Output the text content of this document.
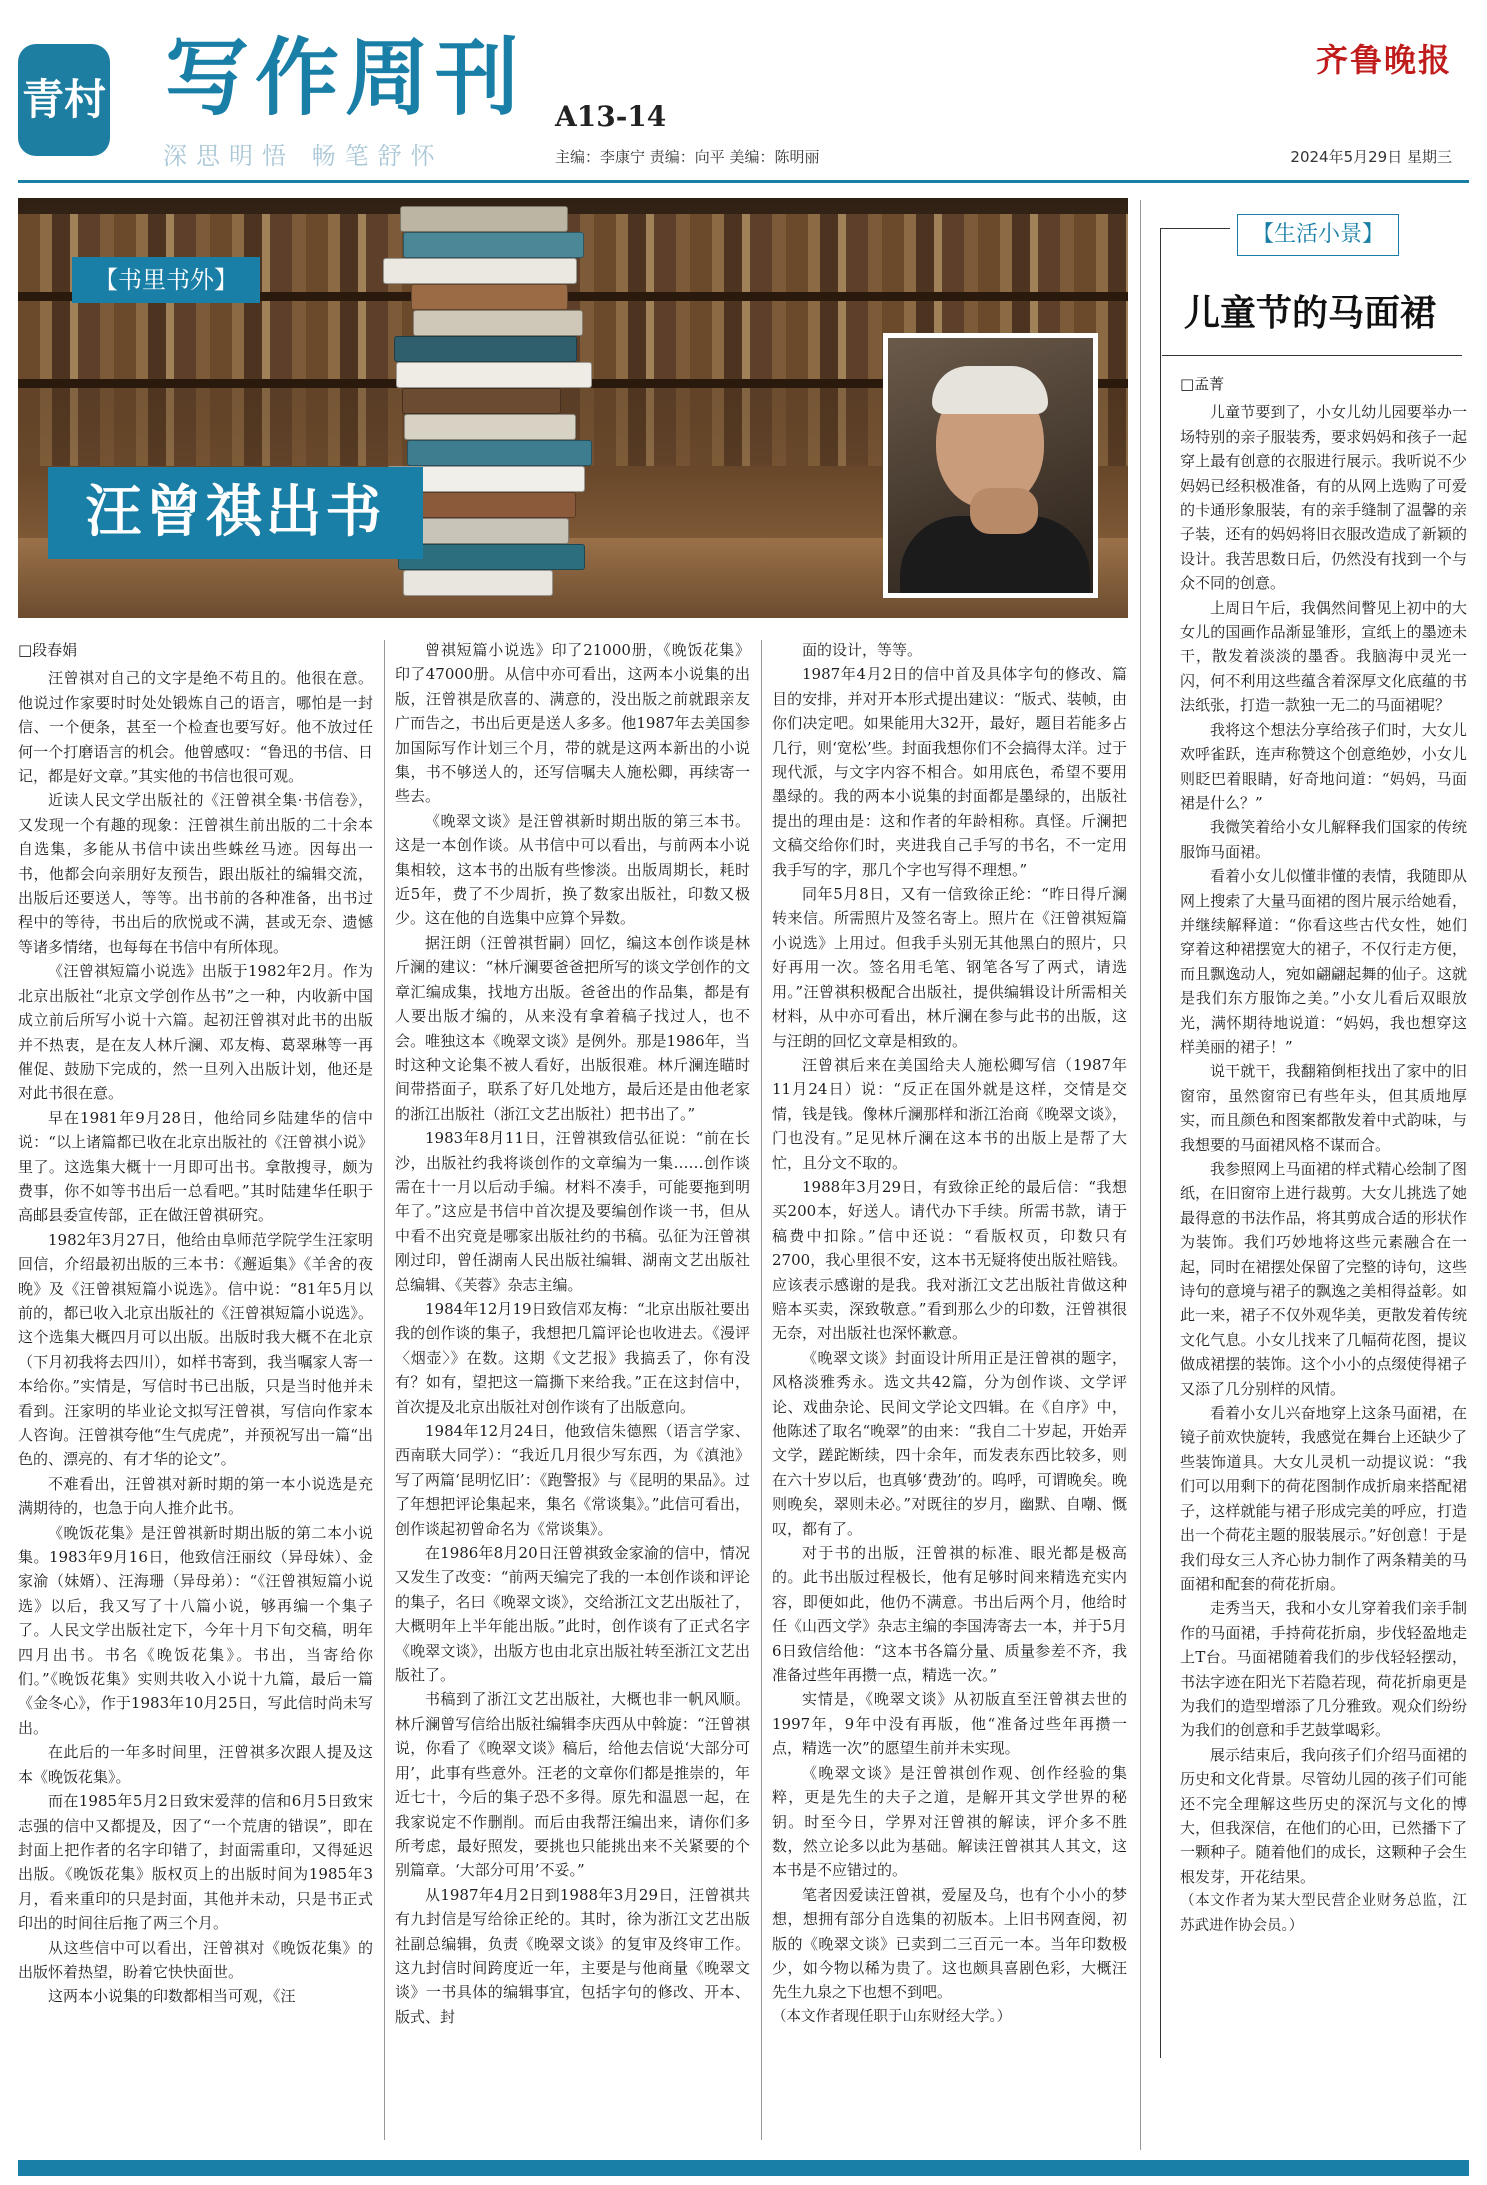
青村 写作周刊 A13-14
深思明悟 畅笔舒怀	主编：李康宁 责编：向平 美编：陈明丽
齐鲁晚报
2024年5月29日 星期三
【书里书外】
汪曾祺出书

□段春娟

汪曾祺对自己的文字是绝不苟且的。他很在意。他说过作家要时时处处锻炼自己的语言，哪怕是一封信、一个便条，甚至一个检查也要写好。他不放过任何一个打磨语言的机会。他曾感叹：“鲁迅的书信、日记，都是好文章。”其实他的书信也很可观。

近读人民文学出版社的《汪曾祺全集·书信卷》，又发现一个有趣的现象：汪曾祺生前出版的二十余本自选集，多能从书信中读出些蛛丝马迹。因每出一书，他都会向亲朋好友预告，跟出版社的编辑交流，出版后还要送人，等等。出书前的各种准备，出书过程中的等待，书出后的欣悦或不满，甚或无奈、遗憾等诸多情绪，也每每在书信中有所体现。

《汪曾祺短篇小说选》出版于1982年2月。作为北京出版社“北京文学创作丛书”之一种，内收新中国成立前后所写小说十六篇。起初汪曾祺对此书的出版并不热衷，是在友人林斤澜、邓友梅、葛翠琳等一再催促、鼓励下完成的，然一旦列入出版计划，他还是对此书很在意。

早在1981年9月28日，他给同乡陆建华的信中说：“以上诸篇都已收在北京出版社的《汪曾祺小说》里了。这选集大概十一月即可出书。拿散搜寻，颇为费事，你不如等书出后一总看吧。”其时陆建华任职于高邮县委宣传部，正在做汪曾祺研究。

1982年3月27日，他给由阜师范学院学生汪家明回信，介绍最初出版的三本书：《邂逅集》《羊舍的夜晚》及《汪曾祺短篇小说选》。信中说：“81年5月以前的，都已收入北京出版社的《汪曾祺短篇小说选》。这个选集大概四月可以出版。出版时我大概不在北京（下月初我将去四川），如样书寄到，我当嘱家人寄一本给你。”实情是，写信时书已出版，只是当时他并未看到。汪家明的毕业论文拟写汪曾祺，写信向作家本人咨询。汪曾祺夸他“生气虎虎”，并预祝写出一篇“出色的、漂亮的、有才华的论文”。

不难看出，汪曾祺对新时期的第一本小说选是充满期待的，也急于向人推介此书。

《晚饭花集》是汪曾祺新时期出版的第二本小说集。1983年9月16日，他致信汪丽纹（异母妹）、金家渝（妹婿）、汪海珊（异母弟）：“《汪曾祺短篇小说选》以后，我又写了十八篇小说，够再编一个集子了。人民文学出版社定下，今年十月下旬交稿，明年四月出书。书名《晚饭花集》。书出，当寄给你们。”《晚饭花集》实则共收入小说十九篇，最后一篇《金冬心》，作于1983年10月25日，写此信时尚未写出。

在此后的一年多时间里，汪曾祺多次跟人提及这本《晚饭花集》。

而在1985年5月2日致宋爱萍的信和6月5日致宋志强的信中又都提及，因了“一个荒唐的错误”，即在封面上把作者的名字印错了，封面需重印，又得延迟出版。《晚饭花集》版权页上的出版时间为1985年3月，看来重印的只是封面，其他并未动，只是书正式印出的时间往后拖了两三个月。

从这些信中可以看出，汪曾祺对《晚饭花集》的出版怀着热望，盼着它快快面世。

这两本小说集的印数都相当可观，《汪

曾祺短篇小说选》印了21000册，《晚饭花集》印了47000册。从信中亦可看出，这两本小说集的出版，汪曾祺是欣喜的、满意的，没出版之前就跟亲友广而告之，书出后更是送人多多。他1987年去美国参加国际写作计划三个月，带的就是这两本新出的小说集，书不够送人的，还写信嘱夫人施松卿，再续寄一些去。

《晚翠文谈》是汪曾祺新时期出版的第三本书。这是一本创作谈。从书信中可以看出，与前两本小说集相较，这本书的出版有些惨淡。出版周期长，耗时近5年，费了不少周折，换了数家出版社，印数又极少。这在他的自选集中应算个异数。

据汪朗（汪曾祺哲嗣）回忆，编这本创作谈是林斤澜的建议：“林斤澜要爸爸把所写的谈文学创作的文章汇编成集，找地方出版。爸爸出的作品集，都是有人要出版才编的，从来没有拿着稿子找过人，也不会。唯独这本《晚翠文谈》是例外。那是1986年，当时这种文论集不被人看好，出版很难。林斤澜连瞄时间带搭面子，联系了好几处地方，最后还是由他老家的浙江出版社（浙江文艺出版社）把书出了。”

1983年8月11日，汪曾祺致信弘征说：“前在长沙，出版社约我将谈创作的文章编为一集……创作谈需在十一月以后动手编。材料不凑手，可能要拖到明年了。”这应是书信中首次提及要编创作谈一书，但从中看不出究竟是哪家出版社约的书稿。弘征为汪曾祺刚过印，曾任湖南人民出版社编辑、湖南文艺出版社总编辑、《芙蓉》杂志主编。

1984年12月19日致信邓友梅：“北京出版社要出我的创作谈的集子，我想把几篇评论也收进去。《漫评〈烟壶〉》在数。这期《文艺报》我搞丢了，你有没有？如有，望把这一篇撕下来给我。”正在这封信中，首次提及北京出版社对创作谈有了出版意向。

1984年12月24日，他致信朱德熙（语言学家、西南联大同学）：“我近几月很少写东西，为《滇池》写了两篇‘昆明忆旧’：《跑警报》与《昆明的果品》。过了年想把评论集起来，集名《常谈集》。”此信可看出，创作谈起初曾命名为《常谈集》。

在1986年8月20日汪曾祺致金家渝的信中，情况又发生了改变：“前两天编完了我的一本创作谈和评论的集子，名曰《晚翠文谈》，交给浙江文艺出版社了，大概明年上半年能出版。”此时，创作谈有了正式名字《晚翠文谈》，出版方也由北京出版社转至浙江文艺出版社了。

书稿到了浙江文艺出版社，大概也非一帆风顺。林斤澜曾写信给出版社编辑李庆西从中斡旋：“汪曾祺说，你看了《晚翠文谈》稿后，给他去信说‘大部分可用’，此事有些意外。汪老的文章你们都是推崇的，年近七十，今后的集子恐不多得。原先和温恩一起，在我家说定不作删削。而后由我帮汪编出来，请你们多所考虑，最好照发，要挑也只能挑出来不关紧要的个别篇章。‘大部分可用’不妥。”

从1987年4月2日到1988年3月29日，汪曾祺共有九封信是写给徐正纶的。其时，徐为浙江文艺出版社副总编辑，负责《晚翠文谈》的复审及终审工作。这九封信时间跨度近一年，主要是与他商量《晚翠文谈》一书具体的编辑事宜，包括字句的修改、开本、版式、封

面的设计，等等。

1987年4月2日的信中首及具体字句的修改、篇目的安排，并对开本形式提出建议：“版式、装帧，由你们决定吧。如果能用大32开，最好，题目若能多占几行，则‘宽松’些。封面我想你们不会搞得太洋。过于现代派，与文字内容不相合。如用底色，希望不要用墨绿的。我的两本小说集的封面都是墨绿的，出版社提出的理由是：这和作者的年龄相称。真怪。斤澜把文稿交给你们时，夹进我自己手写的书名，不一定用我手写的字，那几个字也写得不理想。”

同年5月8日，又有一信致徐正纶：“昨日得斤澜转来信。所需照片及签名寄上。照片在《汪曾祺短篇小说选》上用过。但我手头别无其他黑白的照片，只好再用一次。签名用毛笔、钢笔各写了两式，请选用。”汪曾祺积极配合出版社，提供编辑设计所需相关材料，从中亦可看出，林斤澜在参与此书的出版，这与汪朗的回忆文章是相致的。

汪曾祺后来在美国给夫人施松卿写信（1987年11月24日）说：“反正在国外就是这样，交情是交情，钱是钱。像林斤澜那样和浙江治商《晚翠文谈》，门也没有。”足见林斤澜在这本书的出版上是帮了大忙，且分文不取的。

1988年3月29日，有致徐正纶的最后信：“我想买200本，好送人。请代办下手续。所需书款，请于稿费中扣除。”信中还说：“看版权页，印数只有2700，我心里很不安，这本书无疑将使出版社赔钱。应该表示感谢的是我。我对浙江文艺出版社肯做这种赔本买卖，深致敬意。”看到那么少的印数，汪曾祺很无奈，对出版社也深怀歉意。

《晚翠文谈》封面设计所用正是汪曾祺的题字，风格淡雅秀永。选文共42篇，分为创作谈、文学评论、戏曲杂论、民间文学论文四辑。在《自序》中，他陈述了取名“晚翠”的由来：“我自二十岁起，开始弄文学，蹉跎断续，四十余年，而发表东西比较多，则在六十岁以后，也真够‘费劲’的。呜呼，可谓晚矣。晚则晚矣，翠则未必。”对既往的岁月，幽默、自嘲、慨叹，都有了。

对于书的出版，汪曾祺的标准、眼光都是极高的。此书出版过程极长，他有足够时间来精选充实内容，即便如此，他仍不满意。书出后两个月，他给时任《山西文学》杂志主编的李国涛寄去一本，并于5月6日致信给他：“这本书各篇分量、质量参差不齐，我准备过些年再攒一点，精选一次。”

实情是，《晚翠文谈》从初版直至汪曾祺去世的1997年，9年中没有再版，他“准备过些年再攒一点，精选一次”的愿望生前并未实现。

《晚翠文谈》是汪曾祺创作观、创作经验的集粹，更是先生的夫子之道，是解开其文学世界的秘钥。时至今日，学界对汪曾祺的解读，评介多不胜数，然立论多以此为基础。解读汪曾祺其人其文，这本书是不应错过的。

笔者因爱读汪曾祺，爱屋及乌，也有个小小的梦想，想拥有部分自选集的初版本。上旧书网查阅，初版的《晚翠文谈》已卖到二三百元一本。当年印数极少，如今物以稀为贵了。这也颇具喜剧色彩，大概汪先生九泉之下也想不到吧。

（本文作者现任职于山东财经大学。）

【生活小景】
儿童节的马面裙

□孟菁

儿童节要到了，小女儿幼儿园要举办一场特别的亲子服装秀，要求妈妈和孩子一起穿上最有创意的衣服进行展示。我听说不少妈妈已经积极准备，有的从网上选购了可爱的卡通形象服装，有的亲手缝制了温馨的亲子装，还有的妈妈将旧衣服改造成了新颖的设计。我苦思数日后，仍然没有找到一个与众不同的创意。

上周日午后，我偶然间瞥见上初中的大女儿的国画作品渐显雏形，宣纸上的墨迹未干，散发着淡淡的墨香。我脑海中灵光一闪，何不利用这些蕴含着深厚文化底蕴的书法纸张，打造一款独一无二的马面裙呢？

我将这个想法分享给孩子们时，大女儿欢呼雀跃，连声称赞这个创意绝妙，小女儿则眨巴着眼睛，好奇地问道：“妈妈，马面裙是什么？”

我微笑着给小女儿解释我们国家的传统服饰马面裙。

看着小女儿似懂非懂的表情，我随即从网上搜索了大量马面裙的图片展示给她看，并继续解释道：“你看这些古代女性，她们穿着这种裙摆宽大的裙子，不仅行走方便，而且飘逸动人，宛如翩翩起舞的仙子。这就是我们东方服饰之美。”小女儿看后双眼放光，满怀期待地说道：“妈妈，我也想穿这样美丽的裙子！”

说干就干，我翻箱倒柜找出了家中的旧窗帘，虽然窗帘已有些年头，但其质地厚实，而且颜色和图案都散发着中式韵味，与我想要的马面裙风格不谋而合。

我参照网上马面裙的样式精心绘制了图纸，在旧窗帘上进行裁剪。大女儿挑选了她最得意的书法作品，将其剪成合适的形状作为装饰。我们巧妙地将这些元素融合在一起，同时在裙摆处保留了完整的诗句，这些诗句的意境与裙子的飘逸之美相得益彰。如此一来，裙子不仅外观华美，更散发着传统文化气息。小女儿找来了几幅荷花图，提议做成裙摆的装饰。这个小小的点缀使得裙子又添了几分别样的风情。

看着小女儿兴奋地穿上这条马面裙，在镜子前欢快旋转，我感觉在舞台上还缺少了些装饰道具。大女儿灵机一动提议说：“我们可以用剩下的荷花图制作成折扇来搭配裙子，这样就能与裙子形成完美的呼应，打造出一个荷花主题的服装展示。”好创意！于是我们母女三人齐心协力制作了两条精美的马面裙和配套的荷花折扇。

走秀当天，我和小女儿穿着我们亲手制作的马面裙，手持荷花折扇，步伐轻盈地走上T台。马面裙随着我们的步伐轻轻摆动，书法字迹在阳光下若隐若现，荷花折扇更是为我们的造型增添了几分雅致。观众们纷纷为我们的创意和手艺鼓掌喝彩。

展示结束后，我向孩子们介绍马面裙的历史和文化背景。尽管幼儿园的孩子们可能还不完全理解这些历史的深沉与文化的博大，但我深信，在他们的心田，已然播下了一颗种子。随着他们的成长，这颗种子会生根发芽，开花结果。

（本文作者为某大型民营企业财务总监，江苏武进作协会员。）
